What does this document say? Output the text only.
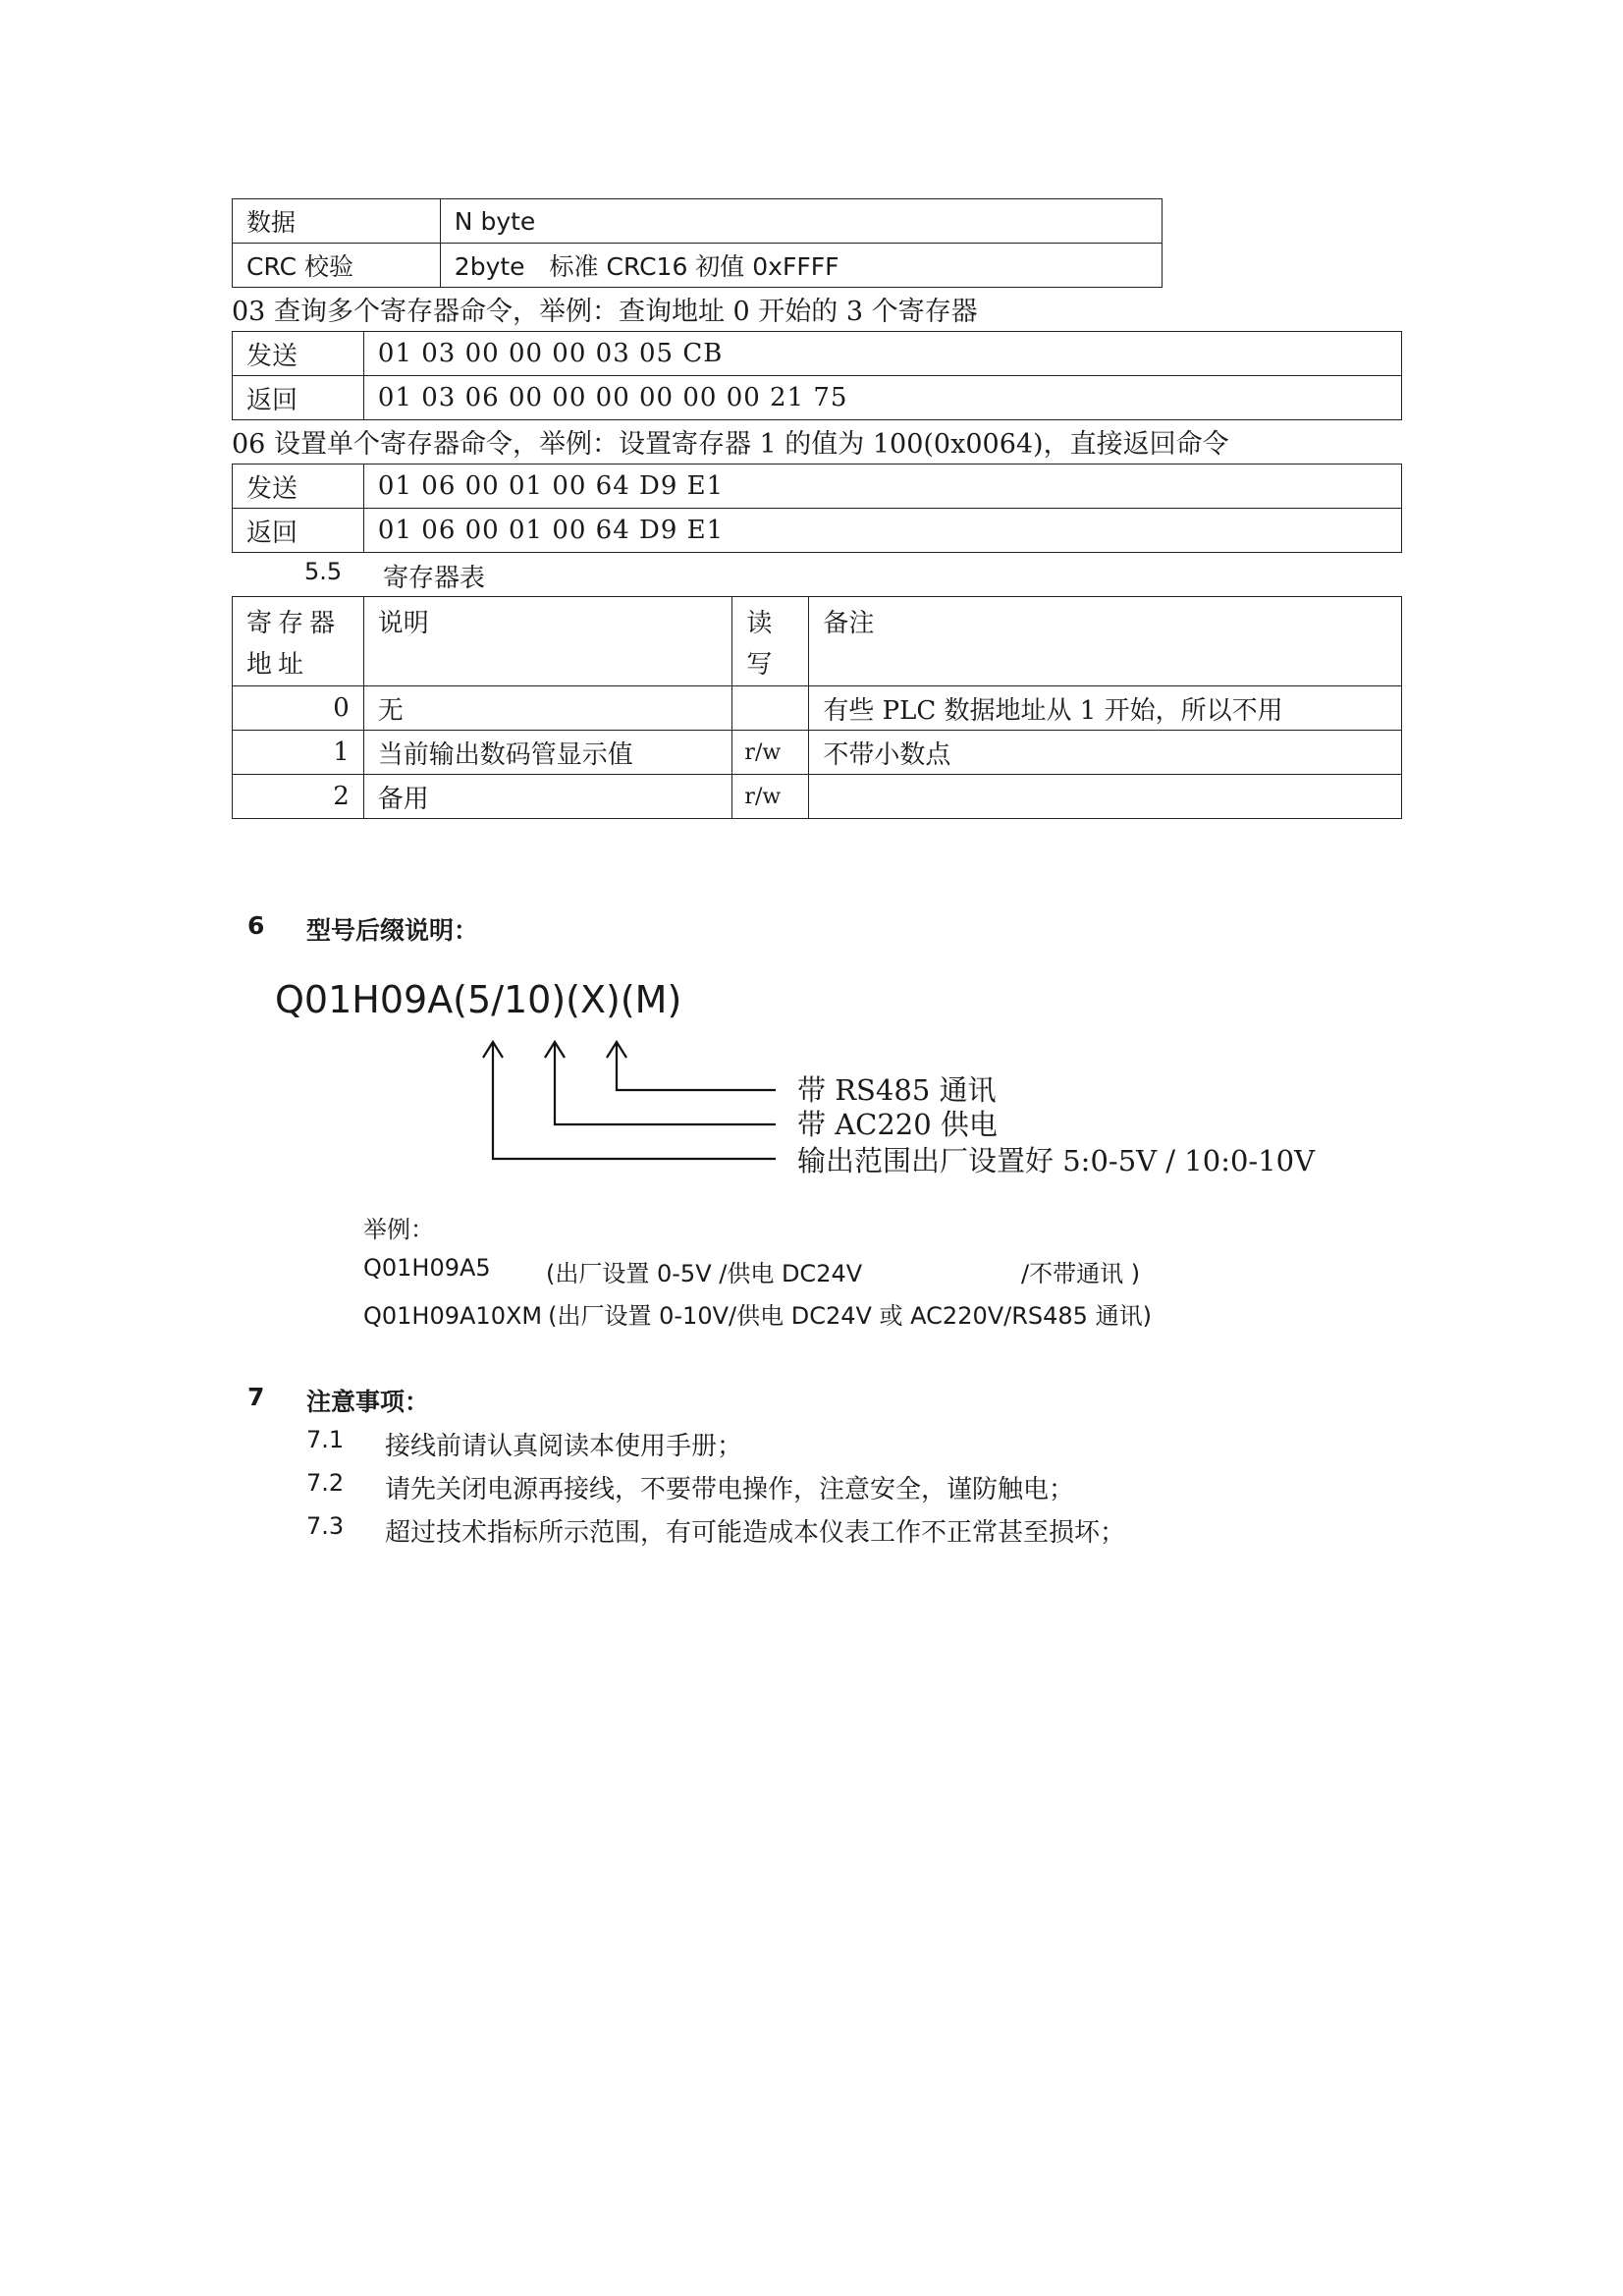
数据	N byte
CRC 校验	2byte　标准 CRC16 初值 0xFFFF
03 查询多个寄存器命令，举例：查询地址 0 开始的 3 个寄存器
发送	01 03 00 00 00 03 05 CB
返回	01 03 06 00 00 00 00 00 00 21 75
06 设置单个寄存器命令，举例：设置寄存器 1 的值为 100(0x0064)，直接返回命令
发送	01 06 00 01 00 64 D9 E1
返回	01 06 00 01 00 64 D9 E1
5.5 寄存器表
寄存器地址	说明	读写	备注
0	无		有些 PLC 数据地址从 1 开始，所以不用
1	当前输出数码管显示值	r/w	不带小数点
2	备用	r/w	
6 型号后缀说明：
Q01H09A(5/10)(X)(M)
带 RS485 通讯
带 AC220 供电
输出范围出厂设置好 5:0-5V / 10:0-10V
举例：
Q01H09A5 (出厂设置 0-5V /供电 DC24V	/不带通讯 )
Q01H09A10XM (出厂设置 0-10V/供电 DC24V 或 AC220V/RS485 通讯)
7 注意事项：
7.1 接线前请认真阅读本使用手册；
7.2 请先关闭电源再接线，不要带电操作，注意安全，谨防触电；
7.3 超过技术指标所示范围，有可能造成本仪表工作不正常甚至损坏；
